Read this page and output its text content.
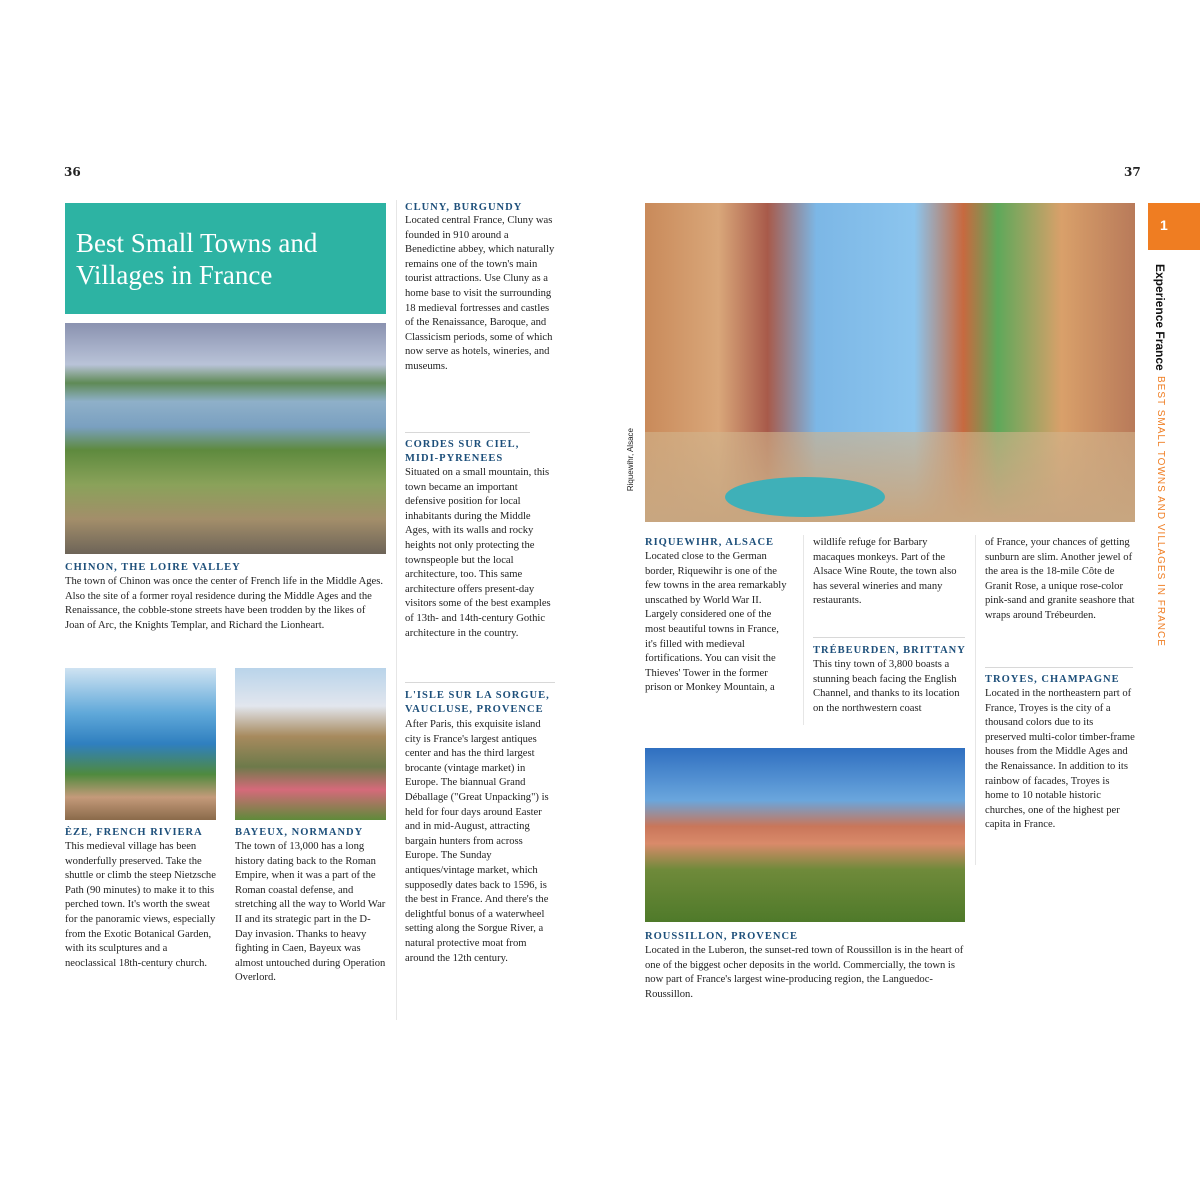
36
Best Small Towns and Villages in France
CHINON, THE LOIRE VALLEY
The town of Chinon was once the center of French life in the Middle Ages. Also the site of a former royal residence during the Middle Ages and the Renaissance, the cobble-stone streets have been trodden by the likes of Joan of Arc, the Knights Templar, and Richard the Lionheart.
ÈZE, FRENCH RIVIERA
This medieval village has been wonderfully preserved. Take the shuttle or climb the steep Nietzsche Path (90 minutes) to make it to this perched town. It's worth the sweat for the panoramic views, especially from the Exotic Botanical Garden, with its sculptures and a neoclassical 18th-century church.
BAYEUX, NORMANDY
The town of 13,000 has a long history dating back to the Roman Empire, when it was a part of the Roman coastal defense, and stretching all the way to World War II and its strategic part in the D-Day invasion. Thanks to heavy fighting in Caen, Bayeux was almost untouched during Operation Overlord.
CLUNY, BURGUNDY
Located central France, Cluny was founded in 910 around a Benedictine abbey, which naturally remains one of the town's main tourist attractions. Use Cluny as a home base to visit the surrounding 18 medieval fortresses and castles of the Renaissance, Baroque, and Classicism periods, some of which now serve as hotels, wineries, and museums.
CORDES SUR CIEL, MIDI-PYRENEES
Situated on a small mountain, this town became an important defensive position for local inhabitants during the Middle Ages, with its walls and rocky heights not only protecting the townspeople but the local architecture, too. This same architecture offers present-day visitors some of the best examples of 13th- and 14th-century Gothic architecture in the country.
L'ISLE SUR LA SORGUE, VAUCLUSE, PROVENCE
After Paris, this exquisite island city is France's largest antiques center and has the third largest brocante (vintage market) in Europe. The biannual Grand Déballage ("Great Unpacking") is held for four days around Easter and in mid-August, attracting bargain hunters from across Europe. The Sunday antiques/vintage market, which supposedly dates back to 1596, is the best in France. And there's the delightful bonus of a waterwheel setting along the Sorgue River, a natural protective moat from around the 12th century.
37
Riquewihr, Alsace
RIQUEWIHR, ALSACE
Located close to the German border, Riquewihr is one of the few towns in the area remarkably unscathed by World War II. Largely considered one of the most beautiful towns in France, it's filled with medieval fortifications. You can visit the Thieves' Tower in the former prison or Monkey Mountain, a
wildlife refuge for Barbary macaques monkeys. Part of the Alsace Wine Route, the town also has several wineries and many restaurants.
TRÉBEURDEN, BRITTANY
This tiny town of 3,800 boasts a stunning beach facing the English Channel, and thanks to its location on the northwestern coast
of France, your chances of getting sunburn are slim. Another jewel of the area is the 18-mile Côte de Granit Rose, a unique rose-color pink-sand and granite seashore that wraps around Trébeurden.
TROYES, CHAMPAGNE
Located in the northeastern part of France, Troyes is the city of a thousand colors due to its preserved multi-color timber-frame houses from the Middle Ages and the Renaissance. In addition to its rainbow of facades, Troyes is home to 10 notable historic churches, one of the highest per capita in France.
ROUSSILLON, PROVENCE
Located in the Luberon, the sunset-red town of Roussillon is in the heart of one of the biggest ocher deposits in the world. Commercially, the town is now part of France's largest wine-producing region, the Languedoc-Roussillon.
1
Experience France
BEST SMALL TOWNS AND VILLAGES IN FRANCE
